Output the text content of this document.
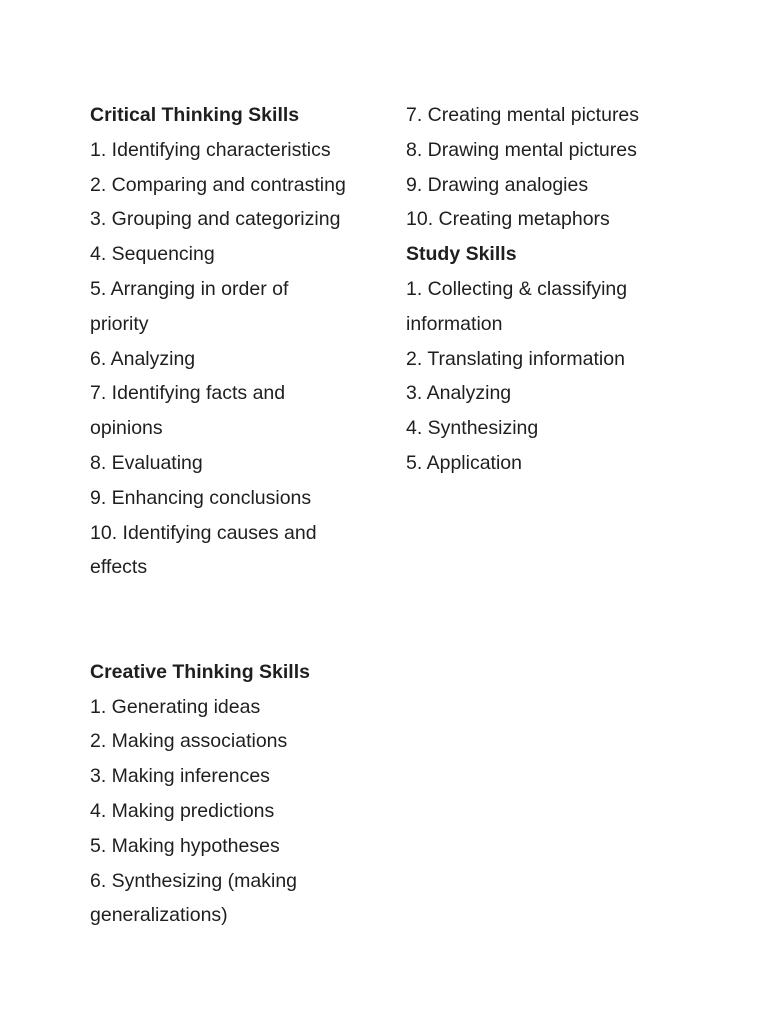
Critical Thinking Skills
1. Identifying characteristics
2. Comparing and contrasting
3. Grouping and categorizing
4. Sequencing
5. Arranging in order of
priority
6. Analyzing
7. Identifying facts and
opinions
8. Evaluating
9. Enhancing conclusions
10. Identifying causes and
effects
Creative Thinking Skills
1. Generating ideas
2. Making associations
3. Making inferences
4. Making predictions
5. Making hypotheses
6. Synthesizing (making
generalizations)
7. Creating mental pictures
8. Drawing mental pictures
9. Drawing analogies
10. Creating metaphors
Study Skills
1. Collecting & classifying
information
2. Translating information
3. Analyzing
4. Synthesizing
5. Application
